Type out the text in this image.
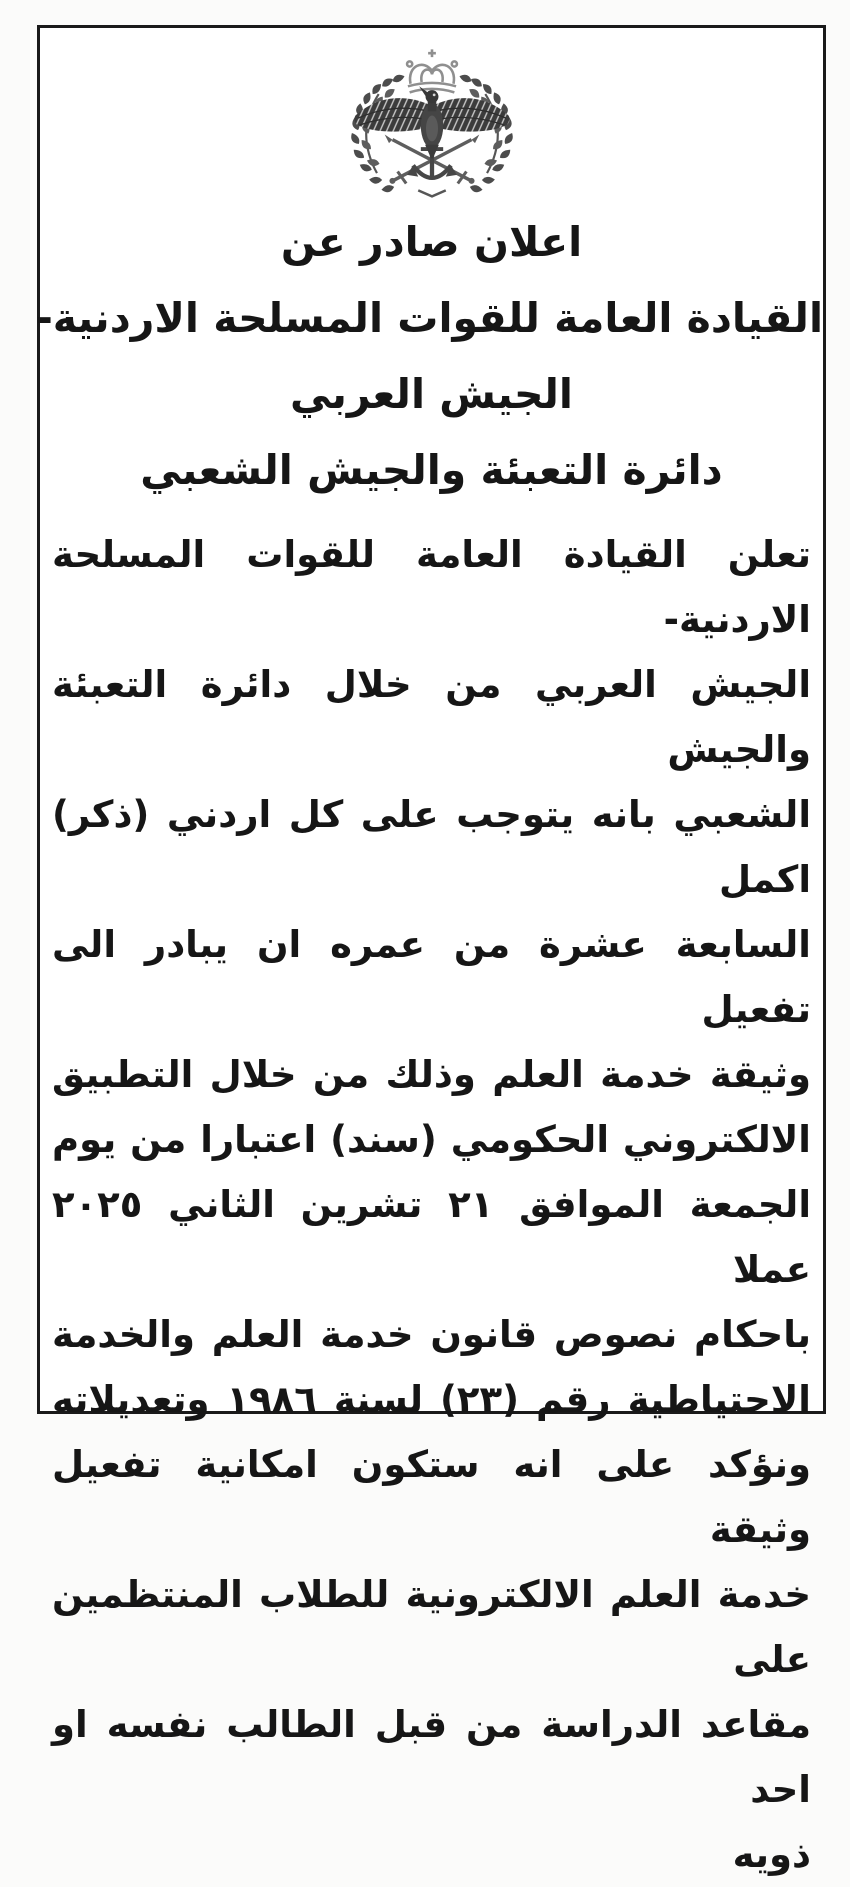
اعلان صادر عن
القيادة العامة للقوات المسلحة الاردنية-
الجيش العربي
دائرة التعبئة والجيش الشعبي
تعلن القيادة العامة للقوات المسلحة الاردنية-
الجيش العربي من خلال دائرة التعبئة والجيش
الشعبي بانه يتوجب على كل اردني (ذكر) اكمل
السابعة عشرة من عمره ان يبادر الى تفعيل
وثيقة خدمة العلم وذلك من خلال التطبيق
الالكتروني الحكومي (سند) اعتبارا من يوم
الجمعة الموافق ٢١ تشرين الثاني ٢٠٢٥ عملا
باحكام نصوص قانون خدمة العلم والخدمة
الاحتياطية رقم (٢٣) لسنة ١٩٨٦ وتعديلاته
ونؤكد على انه ستكون امكانية تفعيل وثيقة
خدمة العلم الالكترونية للطلاب المنتظمين على
مقاعد الدراسة من قبل الطالب نفسه او احد
ذويه
